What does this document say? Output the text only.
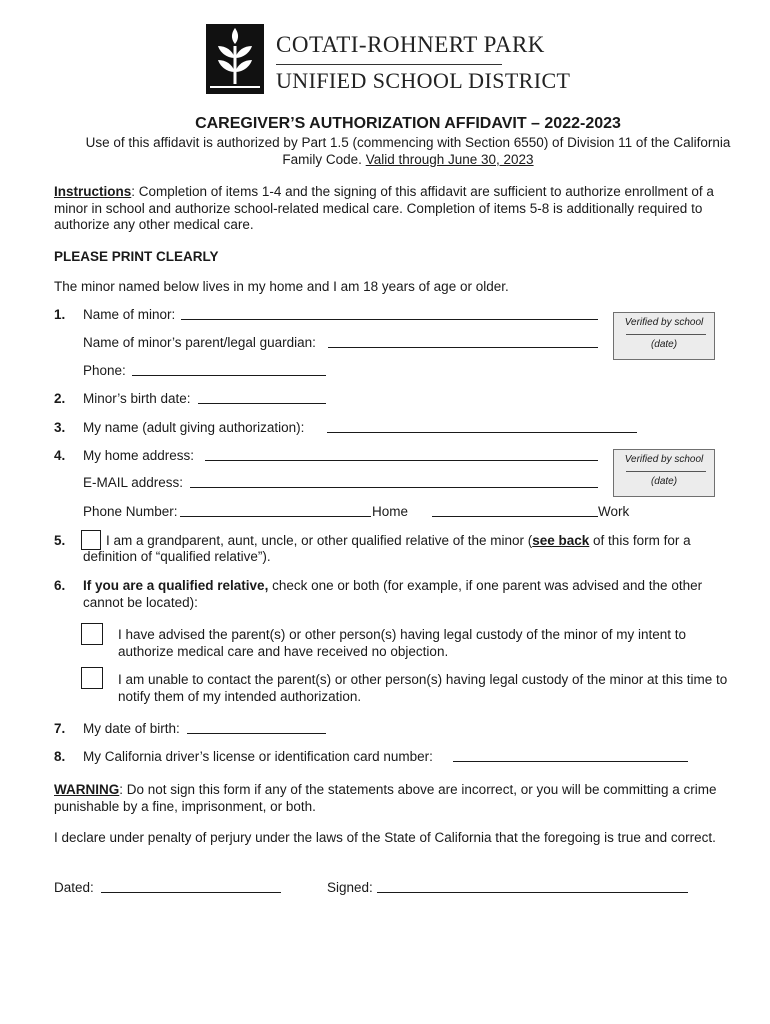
COTATI-ROHNERT PARK
UNIFIED SCHOOL DISTRICT
CAREGIVER’S AUTHORIZATION AFFIDAVIT – 2022-2023
Use of this affidavit is authorized by Part 1.5 (commencing with Section 6550) of Division 11 of the California
Family Code. Valid through June 30, 2023
Instructions: Completion of items 1-4 and the signing of this affidavit are sufficient to authorize enrollment of a
minor in school and authorize school-related medical care. Completion of items 5-8 is additionally required to
authorize any other medical care.
PLEASE PRINT CLEARLY
The minor named below lives in my home and I am 18 years of age or older.
1. Name of minor:
Name of minor’s parent/legal guardian:
Phone:
Verified by school
(date)
2. Minor’s birth date:
3. My name (adult giving authorization):
4. My home address:
E-MAIL address:
Phone Number:	Home	Work
Verified by school
(date)
5.	I am a grandparent, aunt, uncle, or other qualified relative of the minor (see back of this form for a
definition of “qualified relative”).
6. If you are a qualified relative, check one or both (for example, if one parent was advised and the other
cannot be located):
I have advised the parent(s) or other person(s) having legal custody of the minor of my intent to
authorize medical care and have received no objection.
I am unable to contact the parent(s) or other person(s) having legal custody of the minor at this time to
notify them of my intended authorization.
7. My date of birth:
8. My California driver’s license or identification card number:
WARNING: Do not sign this form if any of the statements above are incorrect, or you will be committing a crime
punishable by a fine, imprisonment, or both.
I declare under penalty of perjury under the laws of the State of California that the foregoing is true and correct.
Dated:	Signed:
